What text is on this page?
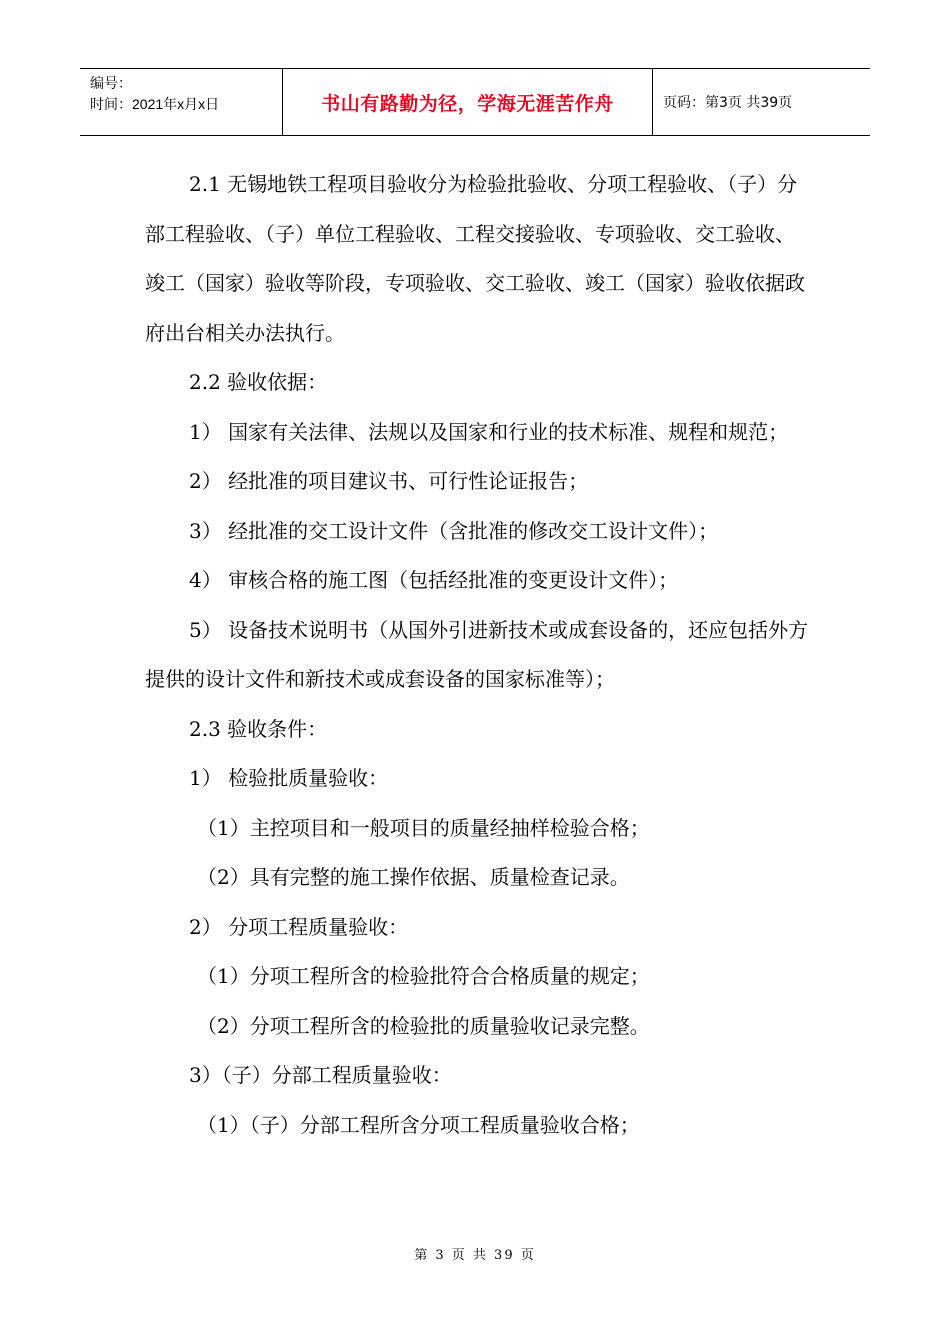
编号：
时间：2021年x月x日	书山有路勤为径，学海无涯苦作舟	页码：第3页 共39页

2.1 无锡地铁工程项目验收分为检验批验收、分项工程验收、（子）分部工程验收、（子）单位工程验收、工程交接验收、专项验收、交工验收、竣工（国家）验收等阶段，专项验收、交工验收、竣工（国家）验收依据政府出台相关办法执行。

2.2 验收依据：

1） 国家有关法律、法规以及国家和行业的技术标准、规程和规范；

2） 经批准的项目建议书、可行性论证报告；

3） 经批准的交工设计文件（含批准的修改交工设计文件）；

4） 审核合格的施工图（包括经批准的变更设计文件）；

5） 设备技术说明书（从国外引进新技术或成套设备的，还应包括外方提供的设计文件和新技术或成套设备的国家标准等）；

2.3 验收条件：

1） 检验批质量验收：

（1）主控项目和一般项目的质量经抽样检验合格；

（2）具有完整的施工操作依据、质量检查记录。

2） 分项工程质量验收：

（1）分项工程所含的检验批符合合格质量的规定；

（2）分项工程所含的检验批的质量验收记录完整。

3）（子）分部工程质量验收：

（1）（子）分部工程所含分项工程质量验收合格；

第 3 页 共 39 页
